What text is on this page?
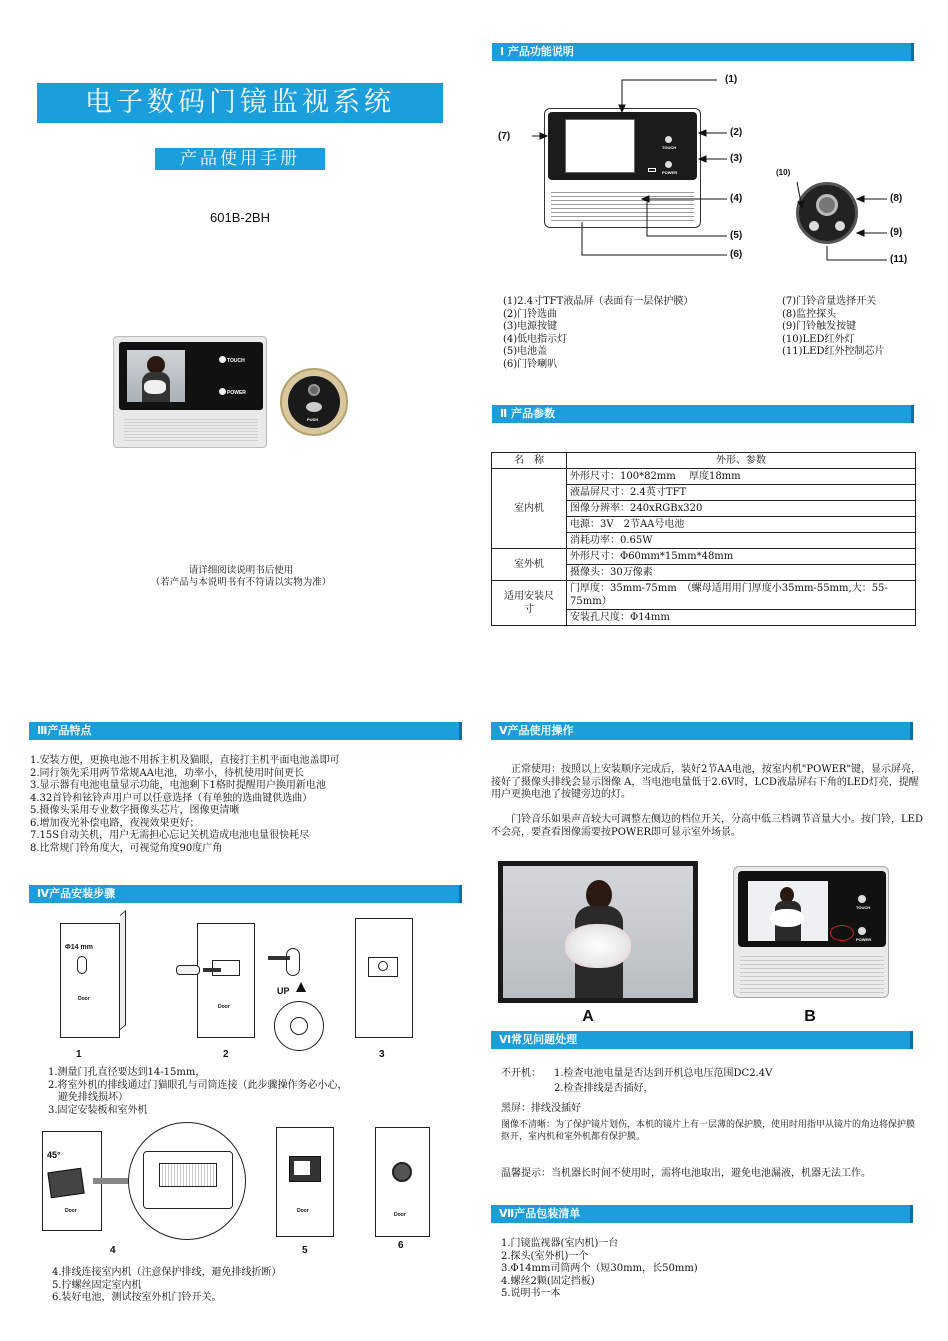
电子数码门镜监视系统
产品使用手册
601B-2BH
TOUCH
POWER
PUSH
请详细阅读说明书后使用
（若产品与本说明书有不符请以实物为准）
Ⅰ 产品功能说明
TOUCH
POWER
(1)
(7)	(2)
(3)
(4)
(5)
(6)
(10)
(8)
(9)
(11)
(1)2.4寸TFT液晶屏（表面有一层保护膜）
(2)门铃选曲
(3)电源按键
(4)低电指示灯
(5)电池盖
(6)门铃喇叭
(7)门铃音量选择开关
(8)监控探头
(9)门铃触发按键
(10)LED红外灯
(11)LED红外控制芯片
Ⅱ 产品参数
名　称	外形、参数
室内机	外形尺寸：100*82mm　 厚度18mm
	液晶屏尺寸：2.4英寸TFT
	图像分辨率：240xRGBx320
	电源：3V　2节AA号电池
	消耗功率：0.65W
室外机	外形尺寸：Φ60mm*15mm*48mm
	摄像头：30万像素
适用安装尺寸	门厚度：35mm-75mm　（螺母适用用门厚度小35mm-55mm,大：55-75mm）
	安装孔尺度：Φ14mm
Ⅲ产品特点
1.安装方便，更换电池不用拆主机及猫眼，直接打主机平面电池盖即可
2.同行领先采用两节常规AA电池，功率小，待机使用时间更长
3.显示器有电池电量显示功能，电池剩下1格时提醒用户换用新电池
4.32首铃和铉铃声用户可以任意选择（有单独的选曲键供选曲）
5.摄像头采用专业数字摄像头芯片，图像更清晰
6.增加夜光补偿电路，夜视效果更好；
7.15S自动关机，用户无需担心忘记关机造成电池电量很快耗尽
8.比常规门铃角度大，可视觉角度90度广角
Ⅳ产品安装步骤
Φ14 mm
Door
1
Door
UP
2	3
1.测量门孔直径要达到14-15mm，
2.将室外机的排线通过门猫眼孔与司筒连接（此步骤操作务必小心，
　避免排线损坏）
3.固定安装板和室外机
45°
Door
4
Door
5
Door
6
4.排线连接室内机（注意保护排线，避免排线折断）
5.拧螺丝固定室内机
6.装好电池，测试按室外机门铃开关。
Ⅴ产品使用操作
正常使用：按照以上安装顺序完成后，装好2节AA电池，按室内机"POWER"键，显示屏亮，接好了摄像头排线会显示图像 A，当电池电量低于2.6V时，LCD液晶屏右下角的LED灯亮，提醒用户更换电池了按键旁边的灯。
门铃音乐如果声音较大可调整左侧边的档位开关，分高中低三档调节音量大小。按门铃，LED不会亮，要查看图像需要按POWER即可显示室外场景。
A
TOUCH
POWER
B
Ⅵ常见问题处理
不开机： 1.检查电池电量是否达到开机总电压范围DC2.4V
2.检查排线是否插好，
黑屏：排线没插好
图像不清晰：为了保护镜片划伤，本机的镜片上有一层薄的保护膜，使用时用指甲从镜片的角边将保护膜抠开，室内机和室外机都有保护膜。
温馨提示：当机器长时间不使用时，需将电池取出，避免电池漏液，机器无法工作。
Ⅶ产品包装清单
1.门镜监视器(室内机)一台
2.探头(室外机)一个
3.Φ14mm司筒两个（短30mm，长50mm)
4.螺丝2颗(固定挡板)
5.说明书一本
